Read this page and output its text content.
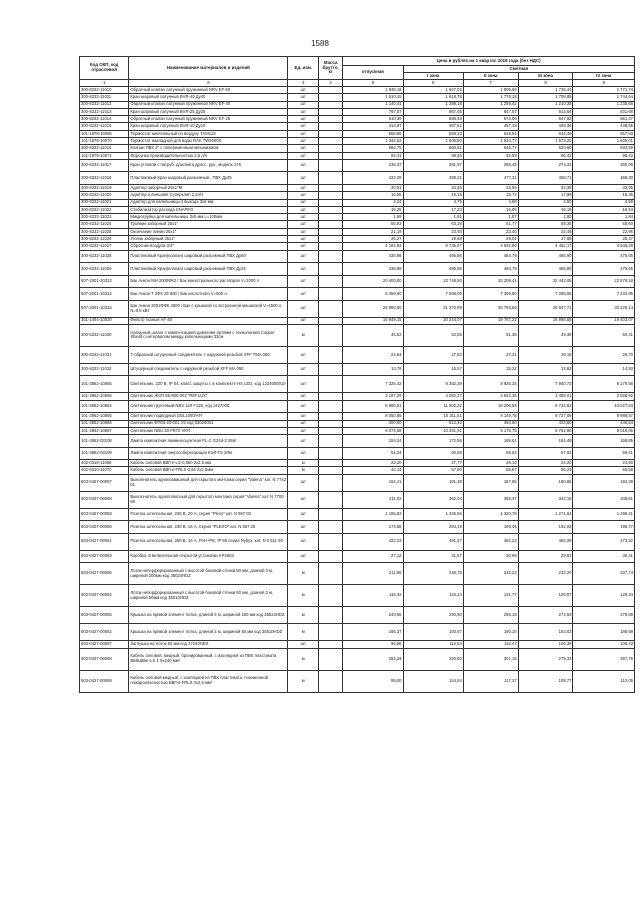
1588
Код ОКП, код отраслевой	Наименование материалов и изделий	Ед. изм.	Масса брутто, кг	Цена в рублях на 1 квартал 2018 года (без НДС)				
				отпускная	Сметная			
					I зона	II зона	III зона	IV зона
1	2	3	4	5	6	7	8	9
300-8232-11010	Обратный клапан латунный пружинный NRV EF-50	шт		1 635,18	1 847,03	1 805,60	1 735,44	1 771,74
300-8232-11011	Кран шаровый латунный BVR-40 Ду40	шт		1 610,15	1 818,78	1 778,18	1 708,89	1 744,64
300-8232-11012	Обратный клапан латунный пружинный NRV EF-40	шт		1 140,41	1 288,18	1 259,42	1 210,35	1 235,66
300-8232-11013	Кран шаровый латунный BVR-25 Ду25	шт		767,57	867,05	847,67	814,64	831,68
300-8232-11014	Обратный клапан латунный пружинный NRV EF-25	шт		610,39	689,48	674,09	647,82	661,37
300-8232-11015	Кран шаровый латунный BVR-10 Ду10	шт		413,87	467,52	457,18	439,36	448,55
101-1878-10065	Термостат кипятильный по воздуху TAM123	шт		550,85	658,13	618,92	644,49	657,93
101-1878-10070	Термостат накладной для воды RAK TW5000S	шт		1 344,62	1 606,50	1 510,77	1 573,20	1 606,01
300-8232-11016	Клапан ПВХ 2" с попеременным механизмом	шт		584,75	660,51	645,77	620,60	633,59
101-1878-10071	Форсунка производительностью 2,5 л/ч	шт		82,41	98,46	92,59	96,42	98,43
300-8232-11017	Кран угловой с патруб. д/шланга дросс. рук., модель 176	шт		238,47	281,97	285,45	274,33	280,06
300-8232-11018	Пластиковый Кран шаровый разъемный , ПВХ Ду25	шт		432,29	488,21	477,31	458,71	468,30
300-8232-11019	Адаптер заборный 25х1"М	шт		30,51	34,46	33,69	32,38	33,05
300-8232-11020	Адаптер н.внешняя Суперклип 2,2л/ч	шт		16,95	19,15	18,72	17,99	18,36
300-8232-11021	Адаптер для капельницы 4 выхода 3х5 мм	шт		4,24	4,79	4,68	4,50	4,59
300-8232-11022	Стабилизатор расхода SNAPEG	шт		15,25	17,23	16,85	16,19	16,53
300-8232-11023	Микротрубка для капельницы 3х5 мм L=100мм	шт		1,69	1,91	1,87	1,80	1,84
300-8232-11024	Тройник заборный 25х1"	шт		55,93	63,18	61,77	59,36	60,60
300-8232-11025	Окончание линии 25х1"	шт		21,19	23,93	23,40	22,49	22,96
300-8232-11026	Уголок заборный 25х1"	шт		26,27	29,68	29,01	27,88	28,47
300-8232-11027	Сбросник воздуха 3/4"	шт		4 184,92	6 735,47	4 632,66	4 452,17	4 545,29
300-8232-11028	Пластиковый Кран(клапан) шаровый разъемный ПВХ Ду50	шт		438,98	495,86	484,79	465,90	475,65
300-8232-11029	Пластиковый Кран(клапан) шаровый разъемный ПВХ Ду32	шт		438,98	495,86	484,79	465,90	475,65
507-2001-10313	Бак Анкон МН 2000ФК2 / Бак магистрального растворов V=2000 л	шт		20 400,00	23 748,50	23 209,41	22 442,05	22 879,18
507-2001-10314	Бак Анкон Т 2ФК 25 500 / Бак кислотного V=500 л	шт		6 450,00	7 508,09	7 369,80	7 095,65	7 233,85
507-2001-10315	Бак Анкон 2002ФФК 4500 / Бак с крышкой со встроенной мешалкой V=4500 л, N=0,5 кВт	шт		26 950,00	31 370,99	30 793,56	29 647,71	30 225,14
301-1494-10020	Фильтр тканый AF-40	шт		16 949,15	20 244,07	19 767,22	16 996,58	19 403,07
300-8232-11030	Напорный шланг с компенсацией давления ёртёмм с технологией Copper Shield с интервалом между капельницами 33см	м		46,52	52,55	51,36	49,38	50,41
300-8232-11031	Т-образный штуцерный соединитель с наружной резьбой XFF TMA 050	шт		24,64	27,83	27,21	26,15	26,70
300-8232-11032	Штуцерный соединитель с наружной резьбой XFF MA 050	шт		13,78	15,57	15,22	14,63	14,93
101-3862-10865	Светильник, 220 В, IP 54, класс защиты I, в комплекте HS LED, код 1224000010	шт		7 325,42	9 382,39	8 925,34	7 940,73	8 179,56
101-3862-10866	Светильник ЖСП 55-800-003 "REFLUX"	шт		3 187,29	4 082,27	3 622,35	3 455,01	3 558,92
101-3862-10864	Светильник грунтовый NBS 120 F128, код 1427000	шт		8 980,51	11 502,22	10 206,94	9 734,63	10 027,63
101-3862-10865	Светильник подводный GBL1000/AFI	шт		8 050,85	10 311,51	9 149,78	8 727,08	8 989,57
101-3862-10866	Светильник ФП03-20-001 УЗ код 03020001	шт		400,00	512,32	454,60	433,60	446,64
101-3862-10867	Светильник NBU 30 FR70 VKR	шт		8 074,58	10 341,91	9 176,75	8 752,80	9 016,06
101-3862-03108	Лампа компактная люминесцентная PL-C G24d-3 26вт	шт		154,24	172,56	169,61	164,49	168,85
101-3862-03109	Лампа компактная энергосберегающая КЭЛ-FS 20вт	шт		54,24	60,68	59,64	57,92	59,41
402-0310-11068	Кабель силовой ВВГнг-LS-0,660 2х2,5 мм	м		22,20	27,77	26,10	24,20	24,80
402-0310-11070	Кабель силовой ВВГнг-FRLS-0,66 2х2,5мм	м		42,14	57,50	55,87	55,23	55,58
503-0427-00067	Выключатель одноклавишный для скрытого монтажа серия "Valena" кат. N 7742 01	шт		164,41	191,38	187,85	180,86	184,39
503-0427-00068	Выключатель однополюсный для скрытого монтажа серия "Valena" кат. N 7700 68	шт		311,02	362,04	355,37	342,15	348,81
503-0427-00059	Розетка штепсельная, 230 В, 20 А, серия "Plexo" кат. N 697 03	шт		1 155,93	1 345,56	1 320,78	1 271,64	1 296,41
503-0427-00060	Розетка штепсельная, 230 В, 16 А, Серия "PLEXO" кат. N 867 25	шт		174,58	203,19	199,45	192,03	195,77
503-0427-00061	Розетка штепсельная, 250 В, 16 А, PnH+PE, IP 66 серия Nybyx, кат. N 0 511 56	шт		422,03	491,27	482,22	464,28	473,32
503-0427-00063	Коробка ответвительная открытой установки KP2603	шт		27,12	31,57	30,99	29,83	30,41
503-0427-00066	Лоток неперфорированный с высотой боковой стенки 50 мм, длиной 3 м, шириной 200мм код 35024HDZ	м		211,86	246,76	242,22	233,20	237,74
503-0427-00064	Лоток неперфорированный с высотой боковой стенки 50 мм, длиной 2 м, шириной 50мм код 35010HDZ	м		115,32	134,24	131,77	126,87	129,34
503-0427-00065	Крышка на прямой элемент лотка, длиной 3 м, шириной 200 мм код 35524HDZ	м		249,56	290,50	285,15	274,54	279,89
503-0427-00062	Крышка на прямой элемент лотка, длиной 2 м, шириной 50 мм код 35510HDZ	м		166,37	193,67	190,10	183,03	186,59
503-0427-00067	Заглушка на лоток 50 мм код 37240HDZ	шт		96,88	112,54	110,47	106,36	108,43
503-0427-00068	Кабель силовой, медный, бронированный, с изоляцией из ПВХ пластиката ВБбШВнг-LS-1 5х240 мм²	м		254,24	320,60	301,15	279,33	287,76
503-0427-00069	Кабель силовой медный, с изоляцией из ПВХ пластиката, пониженной пожароопасностью ВВГнг-FRLS 3х2,5 мм²	м		99,00	124,84	117,27	108,77	112,05
